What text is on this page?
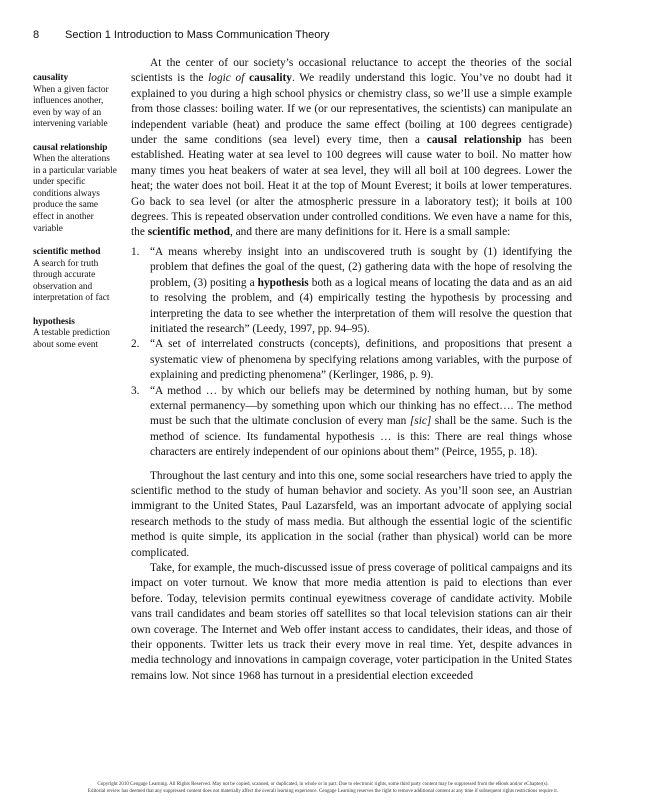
8 Section 1 Introduction to Mass Communication Theory
causality
When a given factor influences another, even by way of an intervening variable
causal relationship
When the alterations in a particular variable under specific conditions always produce the same effect in another variable
scientific method
A search for truth through accurate observation and interpretation of fact
hypothesis
A testable prediction about some event

At the center of our society’s occasional reluctance to accept the theories of the social scientists is the logic of causality. We readily understand this logic. You’ve no doubt had it explained to you during a high school physics or chemistry class, so we’ll use a simple example from those classes: boiling water. If we (or our representatives, the scientists) can manipulate an independent variable (heat) and produce the same effect (boiling at 100 degrees centigrade) under the same conditions (sea level) every time, then a causal relationship has been established. Heating water at sea level to 100 degrees will cause water to boil. No matter how many times you heat beakers of water at sea level, they will all boil at 100 degrees. Lower the heat; the water does not boil. Heat it at the top of Mount Everest; it boils at lower temperatures. Go back to sea level (or alter the atmospheric pressure in a laboratory test); it boils at 100 degrees. This is repeated observation under controlled conditions. We even have a name for this, the scientific method, and there are many definitions for it. Here is a small sample:

1. “A means whereby insight into an undiscovered truth is sought by (1) identifying the problem that defines the goal of the quest, (2) gathering data with the hope of resolving the problem, (3) positing a hypothesis both as a logical means of locating the data and as an aid to resolving the problem, and (4) empirically testing the hypothesis by processing and interpreting the data to see whether the interpretation of them will resolve the question that initiated the research” (Leedy, 1997, pp. 94–95).
2. “A set of interrelated constructs (concepts), definitions, and propositions that present a systematic view of phenomena by specifying relations among variables, with the purpose of explaining and predicting phenomena” (Kerlinger, 1986, p. 9).
3. “A method … by which our beliefs may be determined by nothing human, but by some external permanency—by something upon which our thinking has no effect…. The method must be such that the ultimate conclusion of every man [sic] shall be the same. Such is the method of science. Its fundamental hypothesis … is this: There are real things whose characters are entirely independent of our opinions about them” (Peirce, 1955, p. 18).

Throughout the last century and into this one, some social researchers have tried to apply the scientific method to the study of human behavior and society. As you’ll soon see, an Austrian immigrant to the United States, Paul Lazarsfeld, was an important advocate of applying social research methods to the study of mass media. But although the essential logic of the scientific method is quite simple, its application in the social (rather than physical) world can be more complicated.

Take, for example, the much-discussed issue of press coverage of political campaigns and its impact on voter turnout. We know that more media attention is paid to elections than ever before. Today, television permits continual eyewitness coverage of candidate activity. Mobile vans trail candidates and beam stories off satellites so that local television stations can air their own coverage. The Internet and Web offer instant access to candidates, their ideas, and those of their opponents. Twitter lets us track their every move in real time. Yet, despite advances in media technology and innovations in campaign coverage, voter participation in the United States remains low. Not since 1968 has turnout in a presidential election exceeded

Copyright 2010 Cengage Learning. All Rights Reserved. May not be copied, scanned, or duplicated, in whole or in part. Due to electronic rights, some third party content may be suppressed from the eBook and/or eChapter(s).
Editorial review has deemed that any suppressed content does not materially affect the overall learning experience. Cengage Learning reserves the right to remove additional content at any time if subsequent rights restrictions require it.
